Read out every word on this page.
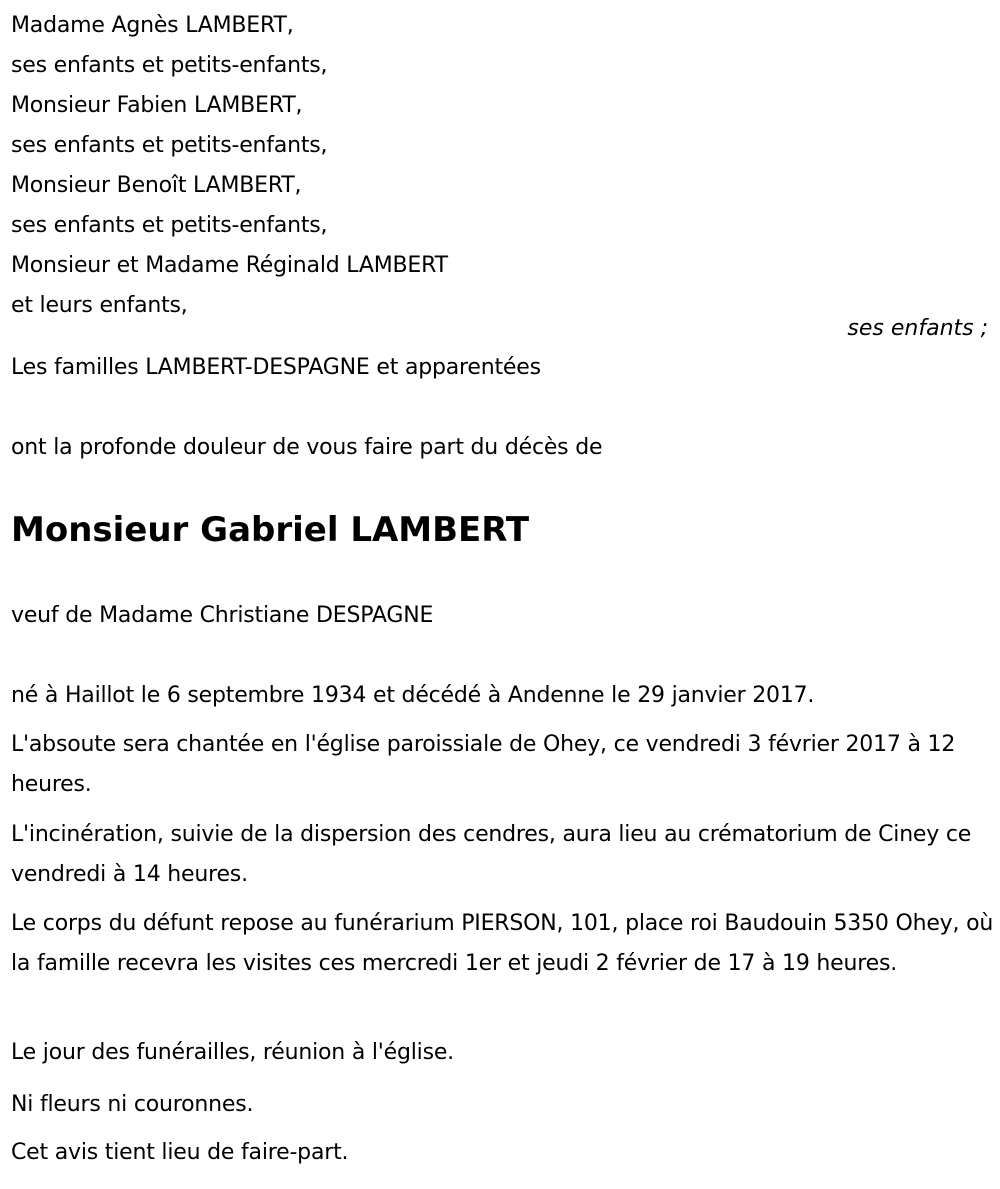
Madame Agnès LAMBERT,
ses enfants et petits-enfants,
Monsieur Fabien LAMBERT,
ses enfants et petits-enfants,
Monsieur Benoît LAMBERT,
ses enfants et petits-enfants,
Monsieur et Madame Réginald LAMBERT
et leurs enfants,
ses enfants ;
Les familles LAMBERT-DESPAGNE et apparentées
ont la profonde douleur de vous faire part du décès de
Monsieur Gabriel LAMBERT
veuf de Madame Christiane DESPAGNE
né à Haillot le 6 septembre 1934 et décédé à Andenne le 29 janvier 2017.
L'absoute sera chantée en l'église paroissiale de Ohey, ce vendredi 3 février 2017 à 12 heures.
L'incinération, suivie de la dispersion des cendres, aura lieu au crématorium de Ciney ce vendredi à 14 heures.
Le corps du défunt repose au funérarium PIERSON, 101, place roi Baudouin 5350 Ohey, où la famille recevra les visites ces mercredi 1er et jeudi 2 février de 17 à 19 heures.
Le jour des funérailles, réunion à l'église.
Ni fleurs ni couronnes.
Cet avis tient lieu de faire-part.
